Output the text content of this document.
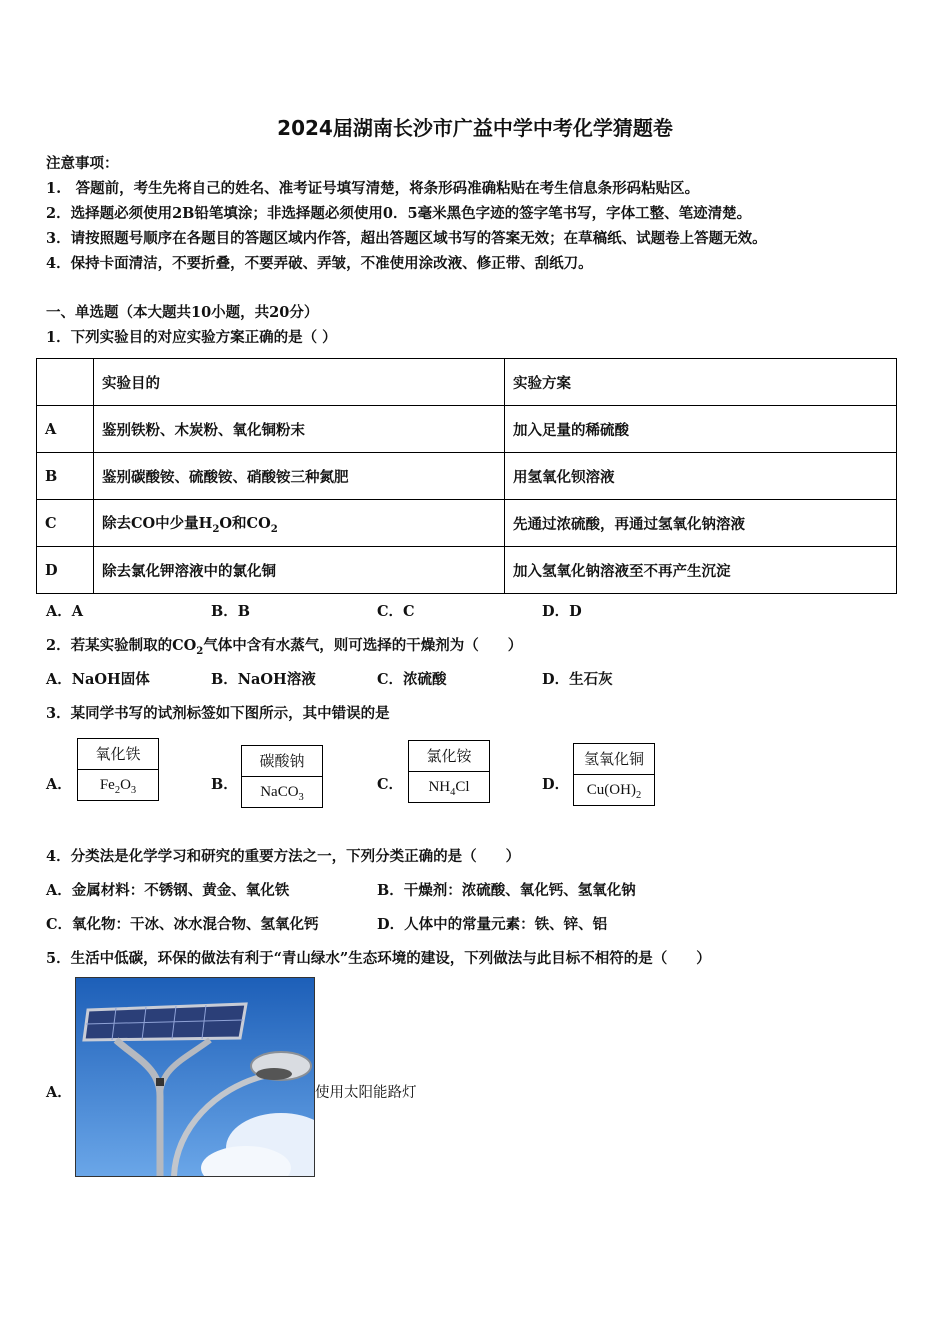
2024届湖南长沙市广益中学中考化学猜题卷
注意事项：
1.　答题前，考生先将自己的姓名、准考证号填写清楚，将条形码准确粘贴在考生信息条形码粘贴区。
2．选择题必须使用2B铅笔填涂；非选择题必须使用0．5毫米黑色字迹的签字笔书写，字体工整、笔迹清楚。
3．请按照题号顺序在各题目的答题区域内作答，超出答题区域书写的答案无效；在草稿纸、试题卷上答题无效。
4．保持卡面清洁，不要折叠，不要弄破、弄皱，不准使用涂改液、修正带、刮纸刀。
一、单选题（本大题共10小题，共20分）
1．下列实验目的对应实验方案正确的是（ ）
	实验目的	实验方案
A	鉴别铁粉、木炭粉、氧化铜粉末	加入足量的稀硫酸
B	鉴别碳酸铵、硫酸铵、硝酸铵三种氮肥	用氢氧化钡溶液
C	除去CO中少量$H_2O$和$CO_2$	先通过浓硫酸，再通过氢氧化钠溶液
D	除去氯化钾溶液中的氯化铜	加入氢氧化钠溶液至不再产生沉淀
A．A	B．B	C．C	D．D
2．若某实验制取的$CO_2$气体中含有水蒸气，则可选择的干燥剂为（　　）
A．NaOH固体	B．NaOH溶液	C．浓硫酸	D．生石灰
3．某同学书写的试剂标签如下图所示，其中错误的是
A．
氧化铁
$Fe_2O_3$	B．
碳酸钠
NaCO$_3$
C．
氯化铵
$NH_4Cl$	D．
氢氧化铜
$Cu(OH)_2$
4．分类法是化学学习和研究的重要方法之一，下列分类正确的是（　　）
A．金属材料：不锈钢、黄金、氧化铁	B．干燥剂：浓硫酸、氧化钙、氢氧化钠
C．氧化物：干冰、冰水混合物、氢氧化钙	D．人体中的常量元素：铁、锌、铝
5．生活中低碳，环保的做法有利于“青山绿水”生态环境的建设，下列做法与此目标不相符的是（　　）
A．	使用太阳能路灯
